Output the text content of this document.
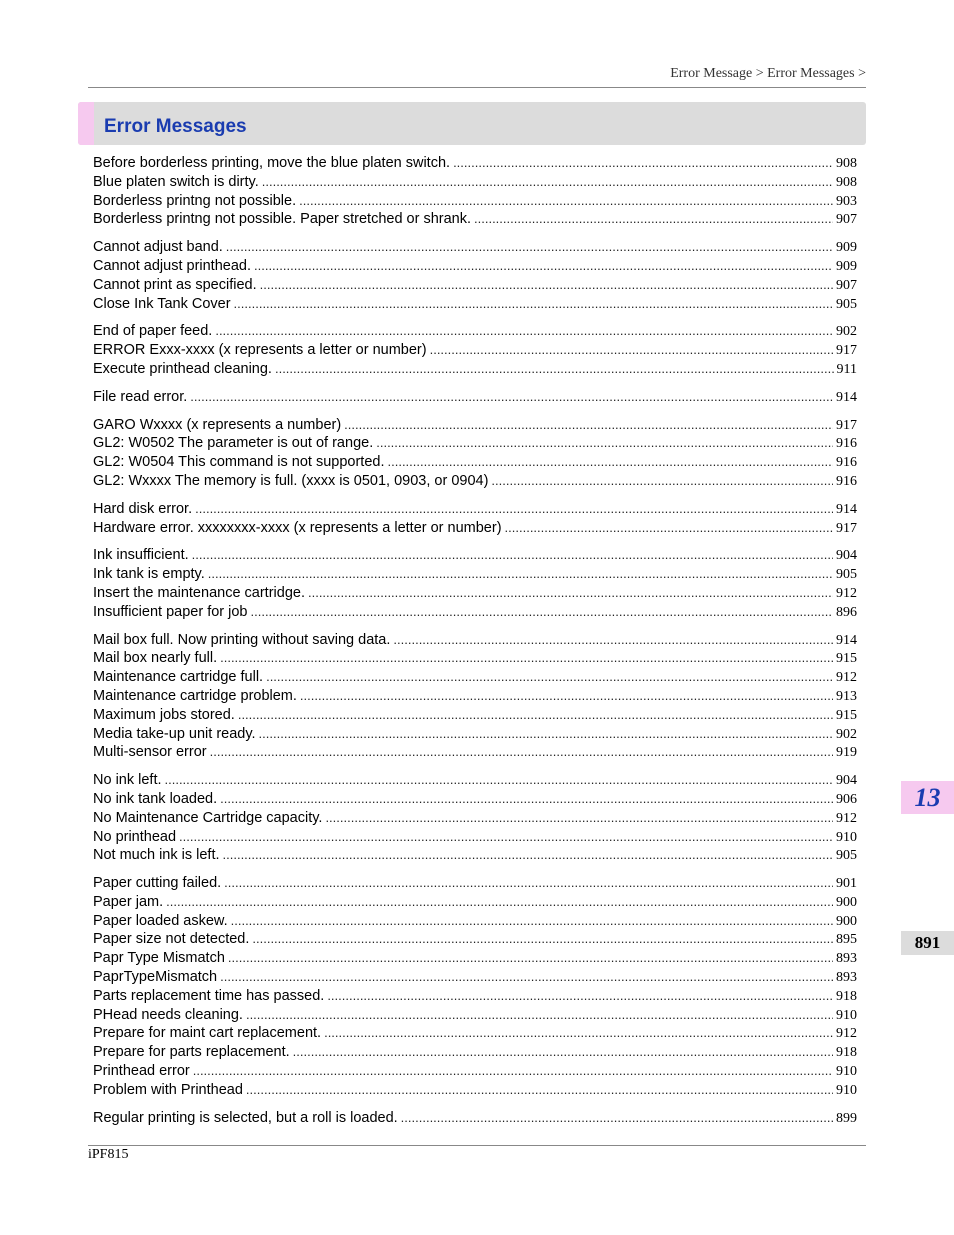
Error Message > Error Messages >
Error Messages
Before borderless printing, move the blue platen switch. .....	908
Blue platen switch is dirty. .....	908
Borderless printng not possible. .....	903
Borderless printng not possible. Paper stretched or shrank. .....	907
Cannot adjust band. .....	909
Cannot adjust printhead. .....	909
Cannot print as specified. .....	907
Close Ink Tank Cover .....	905
End of paper feed. .....	902
ERROR Exxx-xxxx (x represents a letter or number) .....	917
Execute printhead cleaning. .....	911
File read error. .....	914
GARO Wxxxx (x represents a number) .....	917
GL2: W0502 The parameter is out of range. .....	916
GL2: W0504 This command is not supported. .....	916
GL2: Wxxxx The memory is full. (xxxx is 0501, 0903, or 0904) .....	916
Hard disk error. .....	914
Hardware error. xxxxxxxx-xxxx (x represents a letter or number) .....	917
Ink insufficient. .....	904
Ink tank is empty. .....	905
Insert the maintenance cartridge. .....	912
Insufficient paper for job .....	896
Mail box full. Now printing without saving data. .....	914
Mail box nearly full. .....	915
Maintenance cartridge full. .....	912
Maintenance cartridge problem. .....	913
Maximum jobs stored. .....	915
Media take-up unit ready. .....	902
Multi-sensor error .....	919
No ink left. .....	904
No ink tank loaded. .....	906
No Maintenance Cartridge capacity. .....	912
No printhead .....	910
Not much ink is left. .....	905
Paper cutting failed. .....	901
Paper jam. .....	900
Paper loaded askew. .....	900
Paper size not detected. .....	895
Papr Type Mismatch .....	893
PaprTypeMismatch .....	893
Parts replacement time has passed. .....	918
PHead needs cleaning. .....	910
Prepare for maint cart replacement. .....	912
Prepare for parts replacement. .....	918
Printhead error .....	910
Problem with Printhead .....	910
Regular printing is selected, but a roll is loaded. .....	899
iPF815
13
891
